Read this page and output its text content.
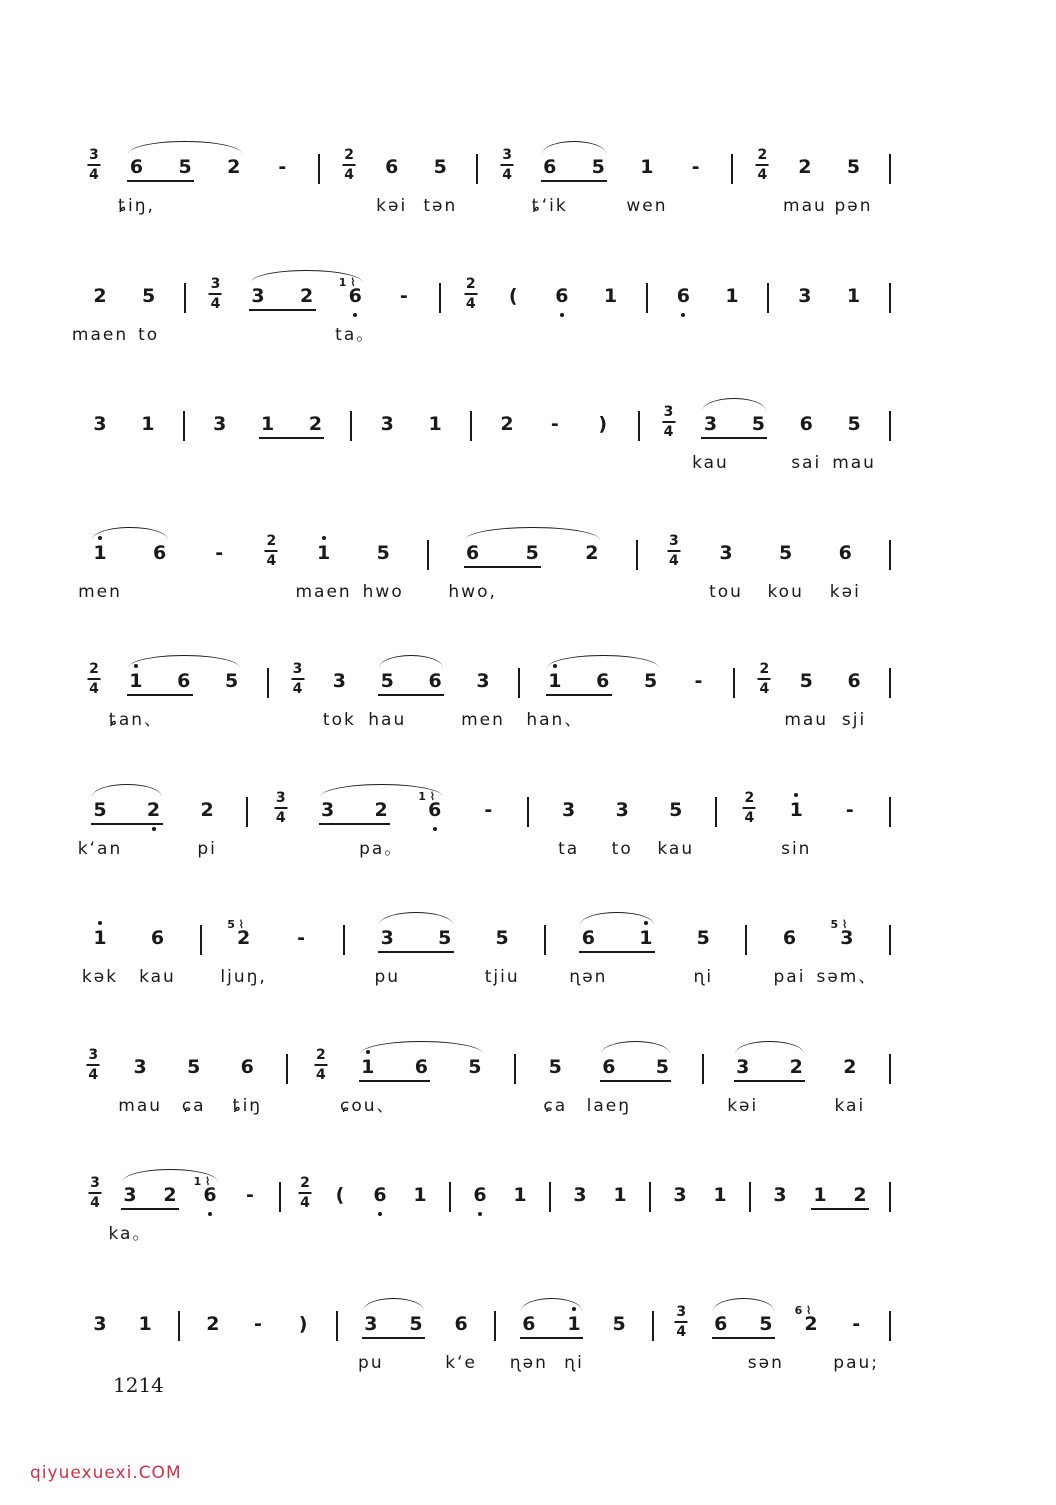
3
4 6 5 2 -
2
4 6 5
3
4 6 5 1 -
2
4 2 5
ȶiŋ,	kəi tən	ȶʻik	wen	mau pən
2 5
3
4 3 2 6
1 ⌇
-
2
4 ( 6 1	6 1	3 1
maen to	ta。
3 1	3 1 2	3 1	2 - )
3
4 3 5 6 5
kau	sai mau
1 6	-
2
4 1 5	6 5 2
3
4 3 5 6
men	maen hwo	hwo,	tou kou kəi
2
4 1 6 5
3
4 3 5 6 3	1 6 5 -
2
4 5 6
ȶan、	tok hau	men han、	mau sji
5 2 2
3
4 3 2 6
1 ⌇
-	3 3 5
2
4 1 -
kʻan	pi	pa。	ta to kau	sin
1 6	2
5 ⌇
-	3 5 5	6 1 5	6 3
5 ⌇
kək kau	ljuŋ,	pu	tjiu	ɳən	ɳi	pai səm、
3
4 3 5 6
2
4 1 6 5	5 6 5	3 2 2
mau ɕa ȶiŋ	ɕou、	ɕa laeŋ	kəi	kai
3
4 3 2 6
1 ⌇
-
2
4 ( 6 1 6 1 3 1 3 1 3 1 2
ka。
3 1	2 - )	3 5 6	6 1 5
3
4 6 5 2
6 ⌇
-
pu	kʻe ɳən ɳi	sən	pau;
1214
qiyuexuexi.COM
